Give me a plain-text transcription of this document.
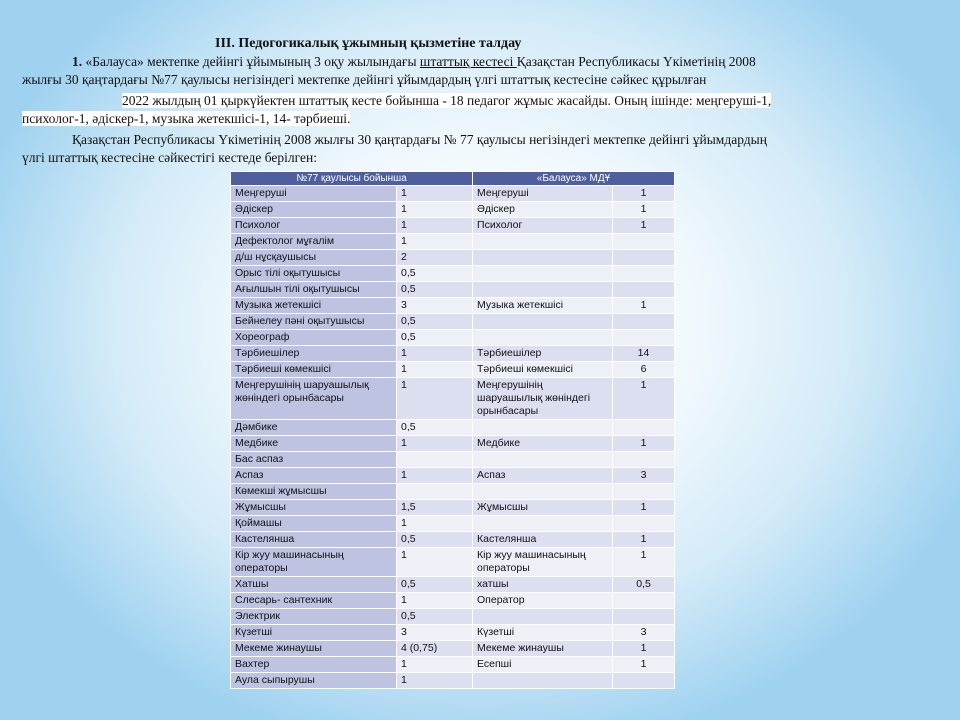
ІІІ. Педогогикалық ұжымның қызметіне талдау
1. «Балауса» мектепке дейінгі ұйымының 3 оқу жылындағы штаттық кестесі Қазақстан Республикасы Үкіметінің 2008
жылғы 30 қаңтардағы №77 қаулысы негізіндегі мектепке дейінгі ұйымдардың үлгі штаттық кестесіне сәйкес құрылған
2022 жылдың 01 қыркүйектен штаттық кесте бойынша - 18 педагог жұмыс жасайды. Оның ішінде: меңгеруші-1,
психолог-1, әдіскер-1, музыка жетекшісі-1, 14- тәрбиеші.
Қазақстан Республикасы Үкіметінің 2008 жылғы 30 қаңтардағы № 77 қаулысы негізіндегі мектепке дейінгі ұйымдардың
үлгі штаттық кестесіне сәйкестігі кестеде берілген:
№77 қаулысы бойынша		«Балауса» МДҰ	
Меңгеруші	1	Меңгеруші	1
Әдіскер	1	Әдіскер	1
Психолог	1	Психолог	1
Дефектолог мұғалім	1		
д/ш нұсқаушысы	2		
Орыс тілі оқытушысы	0,5		
Ағылшын тілі оқытушысы	0,5		
Музыка жетекшісі	3	Музыка жетекшісі	1
Бейнелеу пәні оқытушысы	0,5		
Хореограф	0,5		
Тәрбиешілер	1	Тәрбиешілер	14
Тәрбиеші көмекшісі	1	Тәрбиеші көмекшісі	6
Меңгерушінің шаруашылық жөніндегі орынбасары	1	Меңгерушінің шаруашылық жөніндегі орынбасары	1
Дәмбике	0,5		
Медбике	1	Медбике	1
Бас аспаз			
Аспаз	1	Аспаз	3
Көмекші жұмысшы			
Жұмысшы	1,5	Жұмысшы	1
Қоймашы	1		
Кастелянша	0,5	Кастелянша	1
Кір жуу машинасының операторы	1	Кір жуу машинасының операторы	1
Хатшы	0,5	хатшы	0,5
Слесарь- сантехник	1	Оператор	
Электрик	0,5		
Күзетші	3	Күзетші	3
Мекеме жинаушы	4 (0,75)	Мекеме жинаушы	1
Вахтер	1	Есепші	1
Аула сыпырушы	1		
